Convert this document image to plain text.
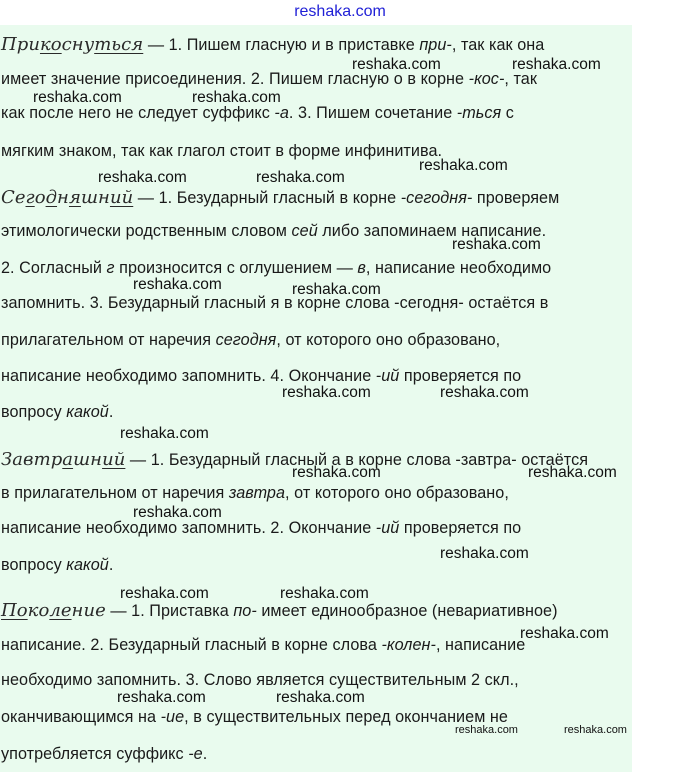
reshaka.com
Прикоснуться — 1. Пишем гласную и в приставке при-, так как она
имеет значение присоединения. 2. Пишем гласную о в корне -кос-, так
как после него не следует суффикс -а. 3. Пишем сочетание -ться с
мягким знаком, так как глагол стоит в форме инфинитива.
Сегодняшний — 1. Безударный гласный в корне -сегодня- проверяем
этимологически родственным словом сей либо запоминаем написание.
2. Согласный г произносится с оглушением — в, написание необходимо
запомнить. 3. Безударный гласный я в корне слова -сегодня- остаётся в
прилагательном от наречия сегодня, от которого оно образовано,
написание необходимо запомнить. 4. Окончание -ий проверяется по
вопросу какой.
Завтрашний — 1. Безударный гласный а в корне слова -завтра- остаётся
в прилагательном от наречия завтра, от которого оно образовано,
написание необходимо запомнить. 2. Окончание -ий проверяется по
вопросу какой.
Поколение — 1. Приставка по- имеет единообразное (невариативное)
написание. 2. Безударный гласный в корне слова -колен-, написание
необходимо запомнить. 3. Слово является существительным 2 скл.,
оканчивающимся на -ие, в существительных перед окончанием не
употребляется суффикс -е.
reshaka.com	reshaka.com
reshaka.com	reshaka.com
reshaka.com
reshaka.com	reshaka.com
reshaka.com
reshaka.com	reshaka.com
reshaka.com	reshaka.com
reshaka.com
reshaka.com	reshaka.com
reshaka.com
reshaka.com
reshaka.com	reshaka.com
reshaka.com
reshaka.com	reshaka.com
reshaka.com	reshaka.com
